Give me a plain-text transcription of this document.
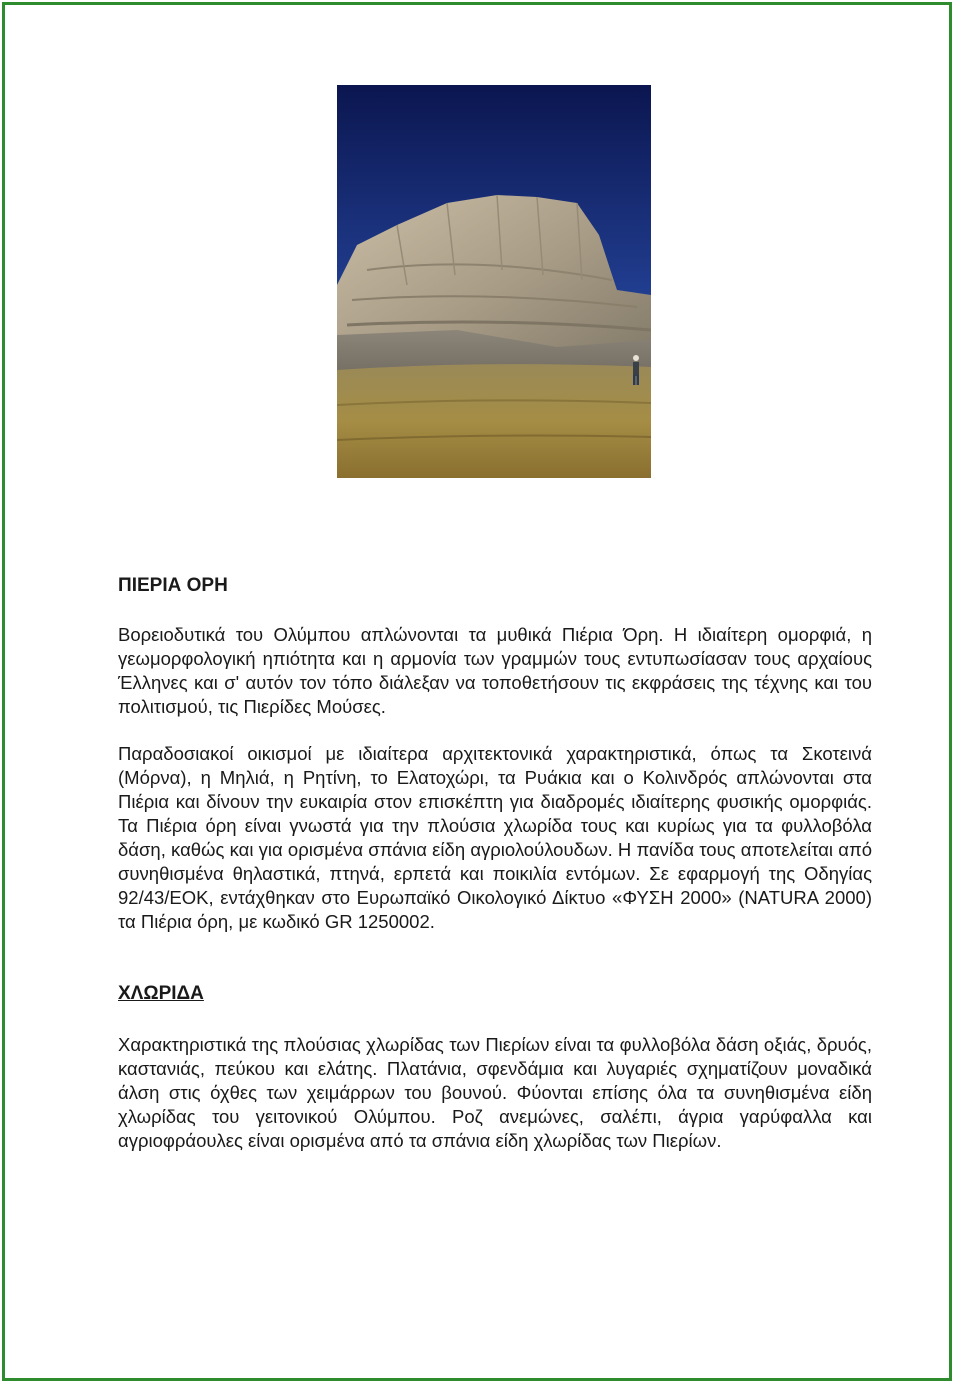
ΠΙΕΡΙΑ ΟΡΗ

Βορειοδυτικά του Ολύμπου απλώνονται τα μυθικά Πιέρια Όρη. Η ιδιαίτερη ομορφιά, η γεωμορφολογική ηπιότητα και η αρμονία των γραμμών τους εντυπωσίασαν τους αρχαίους Έλληνες και σ' αυτόν τον τόπο διάλεξαν να τοποθετήσουν τις εκφράσεις της τέχνης και του πολιτισμού, τις Πιερίδες Μούσες.

Παραδοσιακοί οικισμοί με ιδιαίτερα αρχιτεκτονικά χαρακτηριστικά, όπως τα Σκοτεινά (Μόρνα), η Μηλιά, η Ρητίνη, το Ελατοχώρι, τα Ρυάκια και ο Κολινδρός απλώνονται στα Πιέρια και δίνουν την ευκαιρία στον επισκέπτη για διαδρομές ιδιαίτερης φυσικής ομορφιάς. Τα Πιέρια όρη είναι γνωστά για την πλούσια χλωρίδα τους και κυρίως για τα φυλλοβόλα δάση, καθώς και για ορισμένα σπάνια είδη αγριολούλουδων. Η πανίδα τους αποτελείται από συνηθισμένα θηλαστικά, πτηνά, ερπετά και ποικιλία εντόμων. Σε εφαρμογή της Οδηγίας 92/43/ΕΟΚ, εντάχθηκαν στο Ευρωπαϊκό Οικολογικό Δίκτυο «ΦΥΣΗ 2000» (NATURA 2000) τα Πιέρια όρη, με κωδικό GR 1250002.

ΧΛΩΡΙΔΑ

Χαρακτηριστικά της πλούσιας χλωρίδας των Πιερίων είναι τα φυλλοβόλα δάση οξιάς, δρυός, καστανιάς, πεύκου και ελάτης. Πλατάνια, σφενδάμια και λυγαριές σχηματίζουν μοναδικά άλση στις όχθες των χειμάρρων του βουνού. Φύονται επίσης όλα τα συνηθισμένα είδη χλωρίδας του γειτονικού Ολύμπου. Ροζ ανεμώνες, σαλέπι, άγρια γαρύφαλλα και αγριοφράουλες είναι ορισμένα από τα σπάνια είδη χλωρίδας των Πιερίων.
